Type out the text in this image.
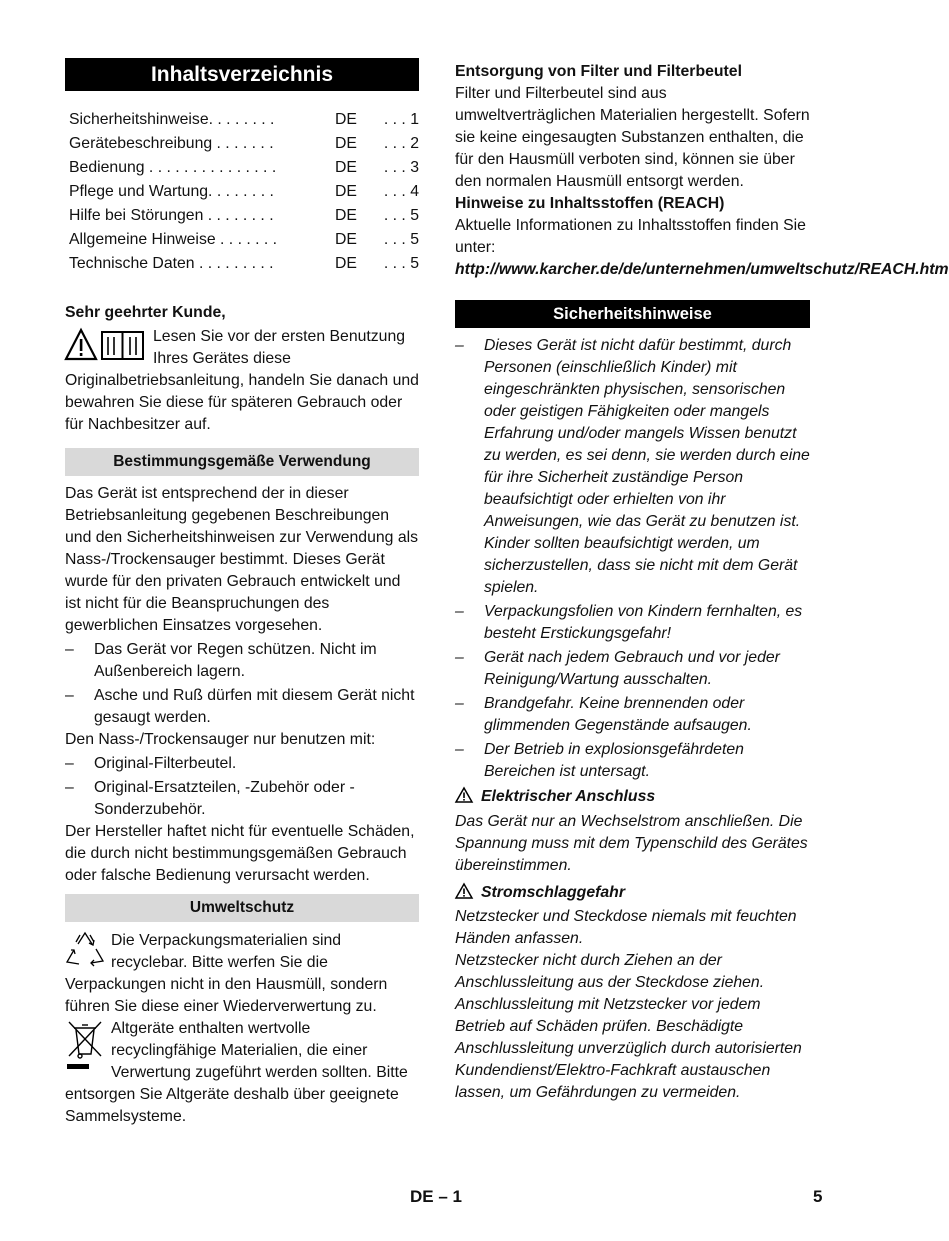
Inhaltsverzeichnis
Sicherheitshinweise. . . . . . . .	DE	. . . 1
Gerätebeschreibung . . . . . . .	DE	. . . 2
Bedienung . . . . . . . . . . . . . . .	DE	. . . 3
Pflege und Wartung. . . . . . . .	DE	. . . 4
Hilfe bei Störungen . . . . . . . .	DE	. . . 5
Allgemeine Hinweise . . . . . . .	DE	. . . 5
Technische Daten . . . . . . . . .	DE	. . . 5
Sehr geehrter Kunde,

Lesen Sie vor der ersten Benutzung Ihres Gerätes diese Originalbetriebsanleitung, handeln Sie danach und bewahren Sie diese für späteren Gebrauch oder für Nachbesitzer auf.

Bestimmungsgemäße Verwendung

Das Gerät ist entsprechend der in dieser Betriebsanleitung gegebenen Beschreibungen und den Sicherheitshinweisen zur Verwendung als Nass-/Trockensauger bestimmt. Dieses Gerät wurde für den privaten Gebrauch entwickelt und ist nicht für die Beanspruchungen des gewerblichen Einsatzes vorgesehen.

– Das Gerät vor Regen schützen. Nicht im Außenbereich lagern.
– Asche und Ruß dürfen mit diesem Gerät nicht gesaugt werden.

Den Nass-/Trockensauger nur benutzen mit:

– Original-Filterbeutel.
– Original-Ersatzteilen, -Zubehör oder -Sonderzubehör.

Der Hersteller haftet nicht für eventuelle Schäden, die durch nicht bestimmungsgemäßen Gebrauch oder falsche Bedienung verursacht werden.

Umweltschutz

Die Verpackungsmaterialien sind recyclebar. Bitte werfen Sie die Verpackungen nicht in den Hausmüll, sondern führen Sie diese einer Wiederverwertung zu.

Altgeräte enthalten wertvolle recyclingfähige Materialien, die einer Verwertung zugeführt werden sollten. Bitte entsorgen Sie Altgeräte deshalb über geeignete Sammelsysteme.

Entsorgung von Filter und Filterbeutel

Filter und Filterbeutel sind aus umweltverträglichen Materialien hergestellt. Sofern sie keine eingesaugten Substanzen enthalten, die für den Hausmüll verboten sind, können sie über den normalen Hausmüll entsorgt werden.

Hinweise zu Inhaltsstoffen (REACH)

Aktuelle Informationen zu Inhaltsstoffen finden Sie unter:

http://www.karcher.de/de/unternehmen/umweltschutz/REACH.htm

Sicherheitshinweise
– Dieses Gerät ist nicht dafür bestimmt, durch Personen (einschließlich Kinder) mit eingeschränkten physischen, sensorischen oder geistigen Fähigkeiten oder mangels Erfahrung und/oder mangels Wissen benutzt zu werden, es sei denn, sie werden durch eine für ihre Sicherheit zuständige Person beaufsichtigt oder erhielten von ihr Anweisungen, wie das Gerät zu benutzen ist. Kinder sollten beaufsichtigt werden, um sicherzustellen, dass sie nicht mit dem Gerät spielen.
– Verpackungsfolien von Kindern fernhalten, es besteht Erstickungsgefahr!
– Gerät nach jedem Gebrauch und vor jeder Reinigung/Wartung ausschalten.
– Brandgefahr. Keine brennenden oder glimmenden Gegenstände aufsaugen.
– Der Betrieb in explosionsgefährdeten Bereichen ist untersagt.
Elektrischer Anschluss

Das Gerät nur an Wechselstrom anschließen. Die Spannung muss mit dem Typenschild des Gerätes übereinstimmen.

Stromschlaggefahr

Netzstecker und Steckdose niemals mit feuchten Händen anfassen.

Netzstecker nicht durch Ziehen an der Anschlussleitung aus der Steckdose ziehen.

Anschlussleitung mit Netzstecker vor jedem Betrieb auf Schäden prüfen. Beschädigte Anschlussleitung unverzüglich durch autorisierten Kundendienst/Elektro-Fachkraft austauschen lassen, um Gefährdungen zu vermeiden.

DE – 1	5
